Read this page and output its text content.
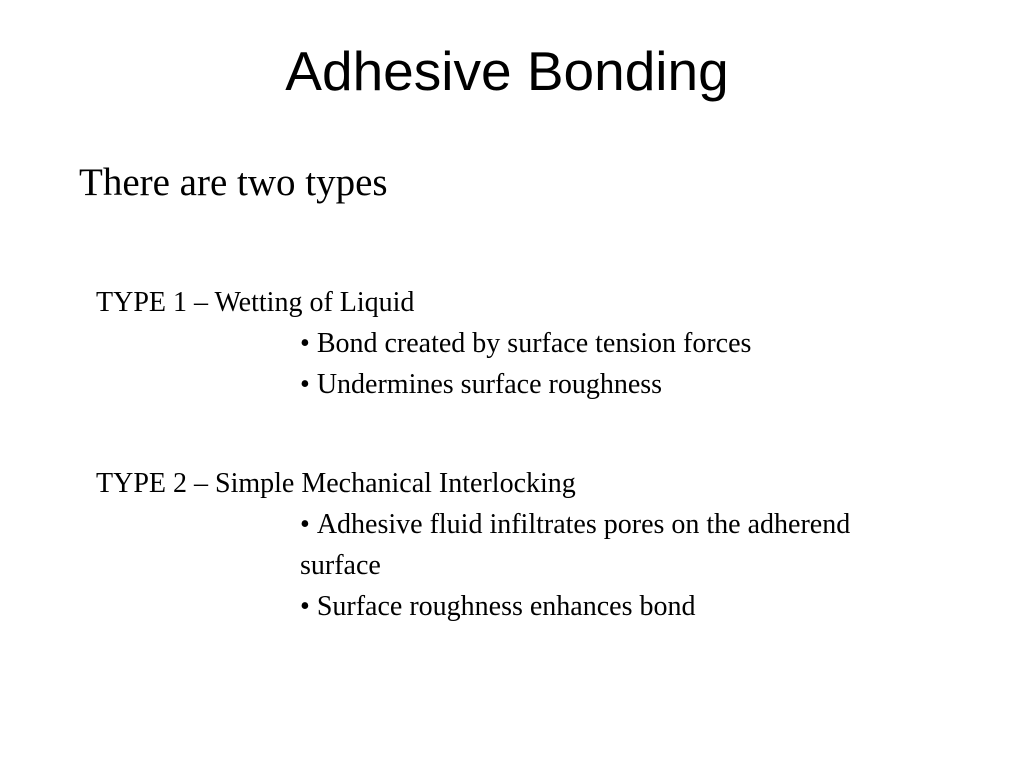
Adhesive Bonding

There are two types

TYPE 1 – Wetting of Liquid
• Bond created by surface tension forces
• Undermines surface roughness
TYPE 2 – Simple Mechanical Interlocking
• Adhesive fluid infiltrates pores on the adherend surface
• Surface roughness enhances bond
